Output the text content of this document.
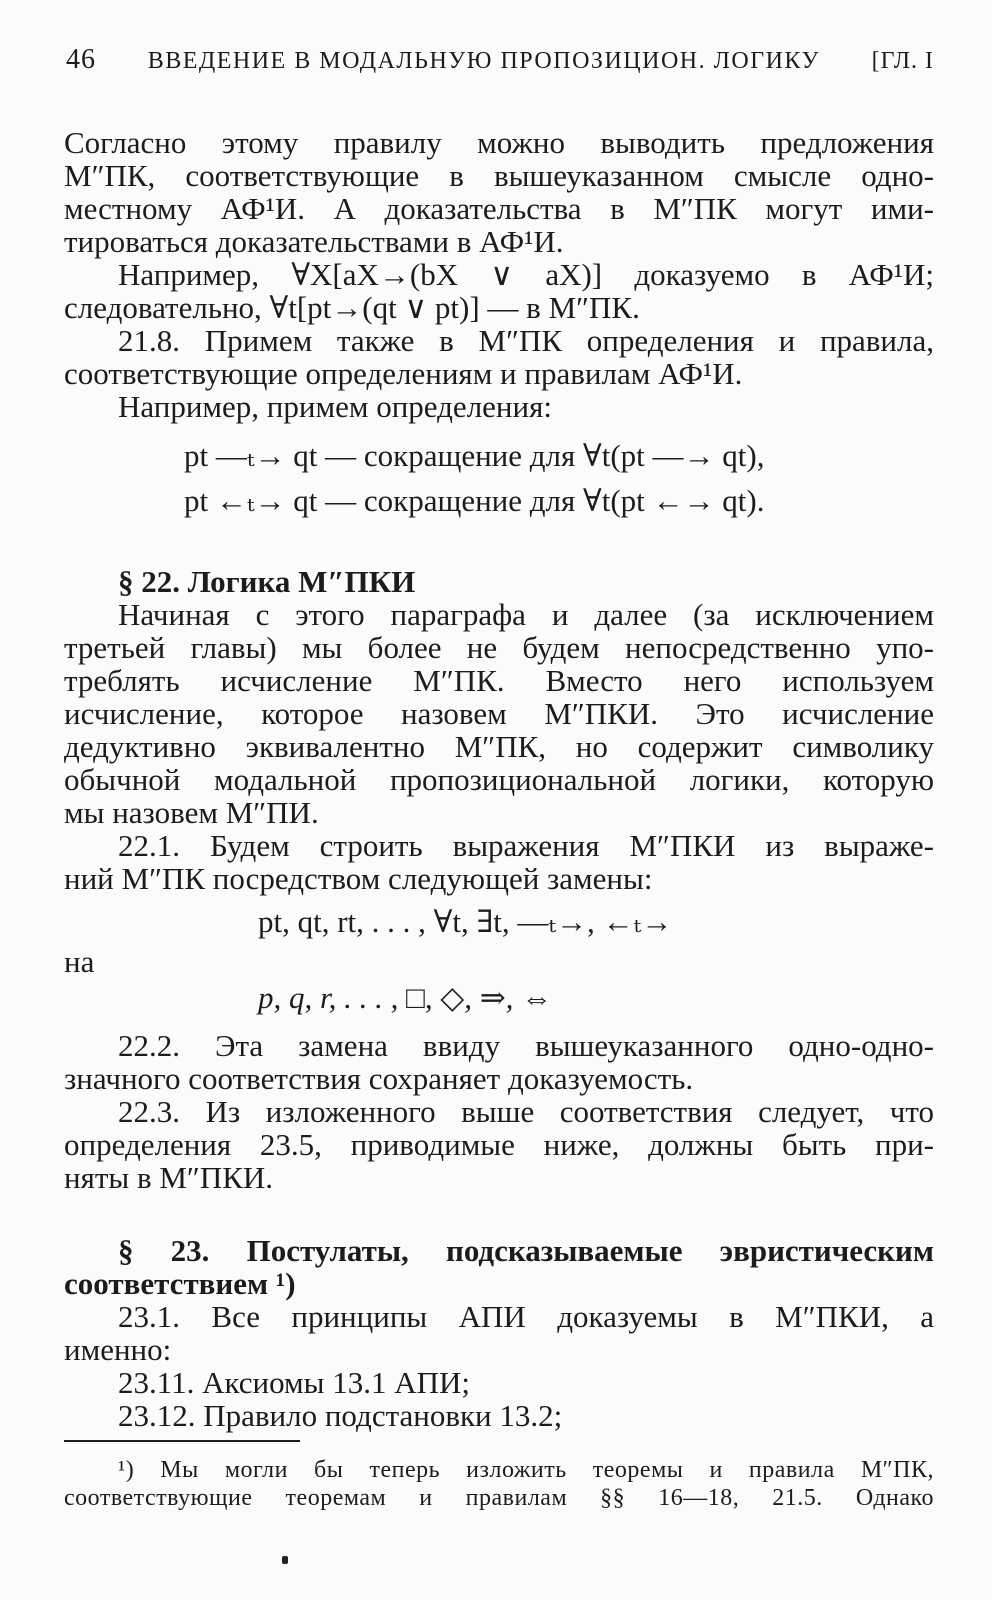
46 ВВЕДЕНИЕ В МОДАЛЬНУЮ ПРОПОЗИЦИОН. ЛОГИКУ [ГЛ. I
Согласно этому правилу можно выводить предложения
М″ПК, соответствующие в вышеуказанном смысле одно-
местному АФ¹И. А доказательства в М″ПК могут ими-
тироваться доказательствами в АФ¹И.
Например, ∀X[aX→(bX ∨ aX)] доказуемо в АФ¹И;
следовательно, ∀t[pt→(qt ∨ pt)] — в М″ПК.
21.8. Примем также в М″ПК определения и правила,
соответствующие определениям и правилам АФ¹И.
Например, примем определения:
pt —ₜ→ qt — сокращение для ∀t(pt —→ qt),
pt ←ₜ→ qt — сокращение для ∀t(pt ←→ qt).
§ 22. Логика М″ПКИ
Начиная с этого параграфа и далее (за исключением
третьей главы) мы более не будем непосредственно упо-
треблять исчисление М″ПК. Вместо него используем
исчисление, которое назовем М″ПКИ. Это исчисление
дедуктивно эквивалентно М″ПК, но содержит символику
обычной модальной пропозициональной логики, которую
мы назовем М″ПИ.
22.1. Будем строить выражения М″ПКИ из выраже-
ний М″ПК посредством следующей замены:
pt, qt, rt, . . . , ∀t, ∃t, —ₜ→, ←ₜ→
на
p, q, r, . . . , □, ◇, ⇒, ⇔
22.2. Эта замена ввиду вышеуказанного одно-одно-
значного соответствия сохраняет доказуемость.
22.3. Из изложенного выше соответствия следует, что
определения 23.5, приводимые ниже, должны быть при-
няты в М″ПКИ.
§ 23. Постулаты, подсказываемые эвристическим
соответствием ¹)
23.1. Все принципы АПИ доказуемы в М″ПКИ, а
именно:
23.11. Аксиомы 13.1 АПИ;
23.12. Правило подстановки 13.2;
¹) Мы могли бы теперь изложить теоремы и правила М″ПК,
соответствующие теоремам и правилам §§ 16—18, 21.5. Однако
